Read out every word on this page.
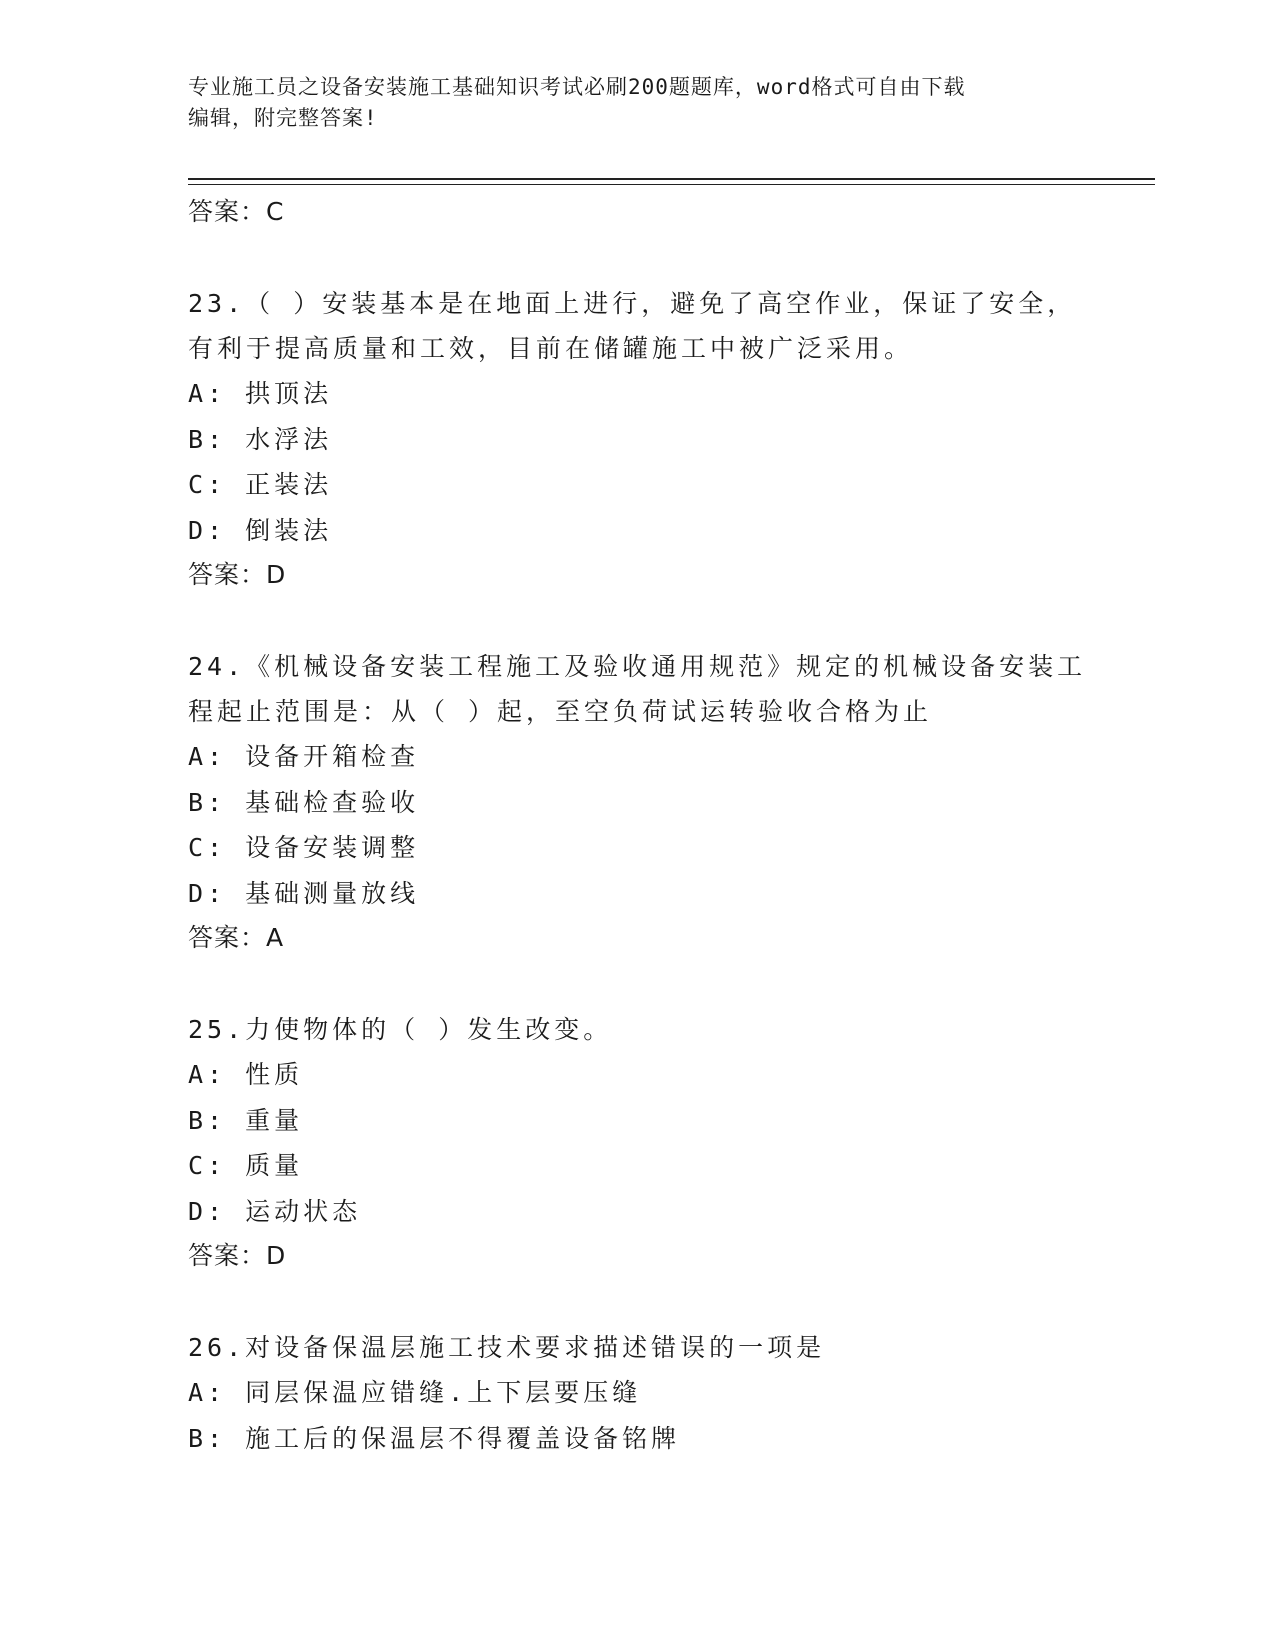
专业施工员之设备安装施工基础知识考试必刷200题题库，word格式可自由下载
编辑，附完整答案!
答案：C
23.（ ）安装基本是在地面上进行，避免了高空作业，保证了安全，
有利于提高质量和工效，目前在储罐施工中被广泛采用。
A: 拱顶法
B: 水浮法
C: 正装法
D: 倒装法
答案：D
24.《机械设备安装工程施工及验收通用规范》规定的机械设备安装工
程起止范围是：从（ ）起，至空负荷试运转验收合格为止
A: 设备开箱检查
B: 基础检查验收
C: 设备安装调整
D: 基础测量放线
答案：A
25.力使物体的（ ）发生改变。
A: 性质
B: 重量
C: 质量
D: 运动状态
答案：D
26.对设备保温层施工技术要求描述错误的一项是
A: 同层保温应错缝.上下层要压缝
B: 施工后的保温层不得覆盖设备铭牌
